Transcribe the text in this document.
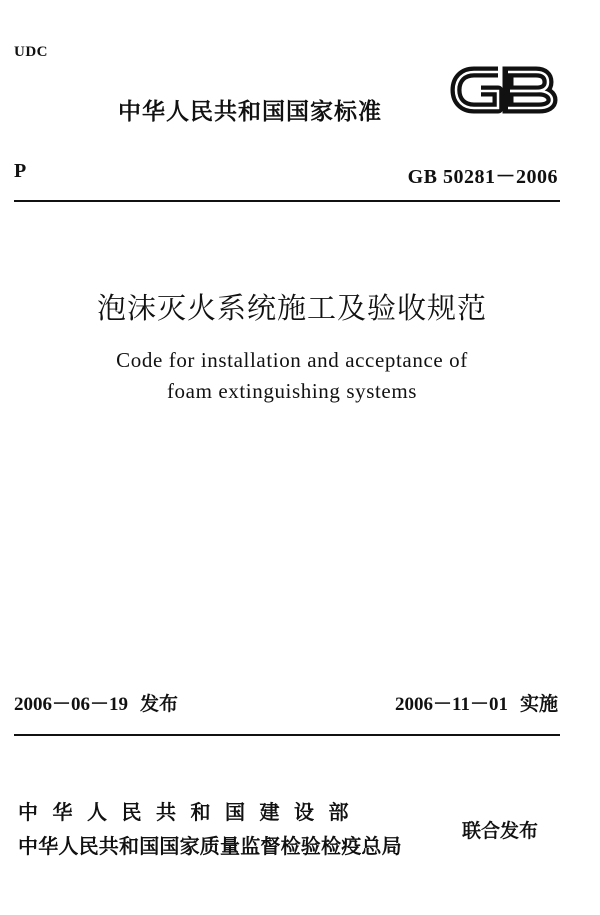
UDC
中华人民共和国国家标准
P	GB 50281－2006
泡沫灭火系统施工及验收规范
Code for installation and acceptance of
foam extinguishing systems
2006－06－19 发布	2006－11－01 实施
中华人民共和国建设部
中华人民共和国国家质量监督检验检疫总局
联合发布
